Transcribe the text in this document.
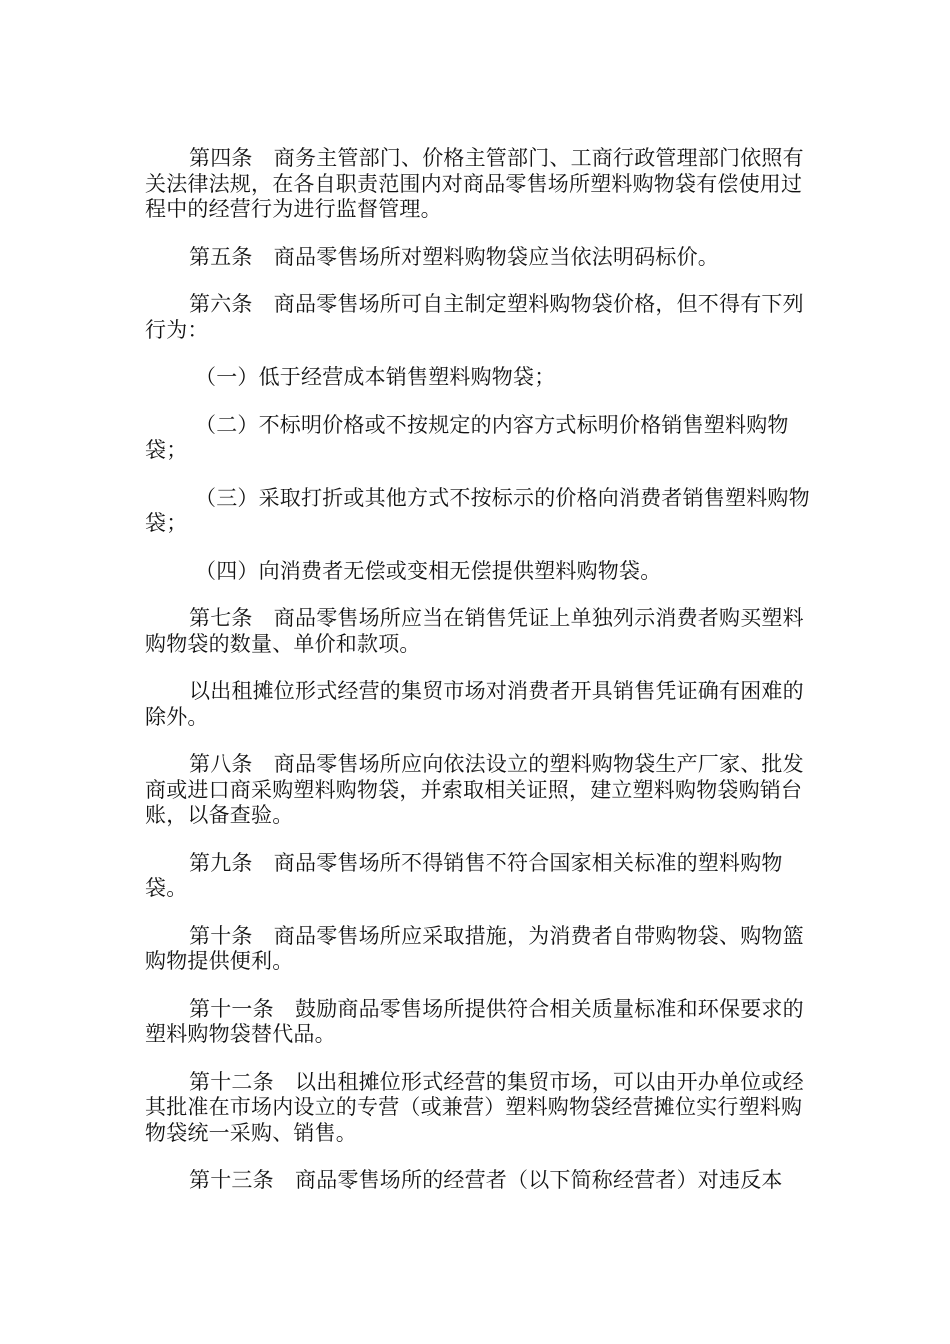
第四条　商务主管部门、价格主管部门、工商行政管理部门依照有关法律法规，在各自职责范围内对商品零售场所塑料购物袋有偿使用过程中的经营行为进行监督管理。

第五条　商品零售场所对塑料购物袋应当依法明码标价。

第六条　商品零售场所可自主制定塑料购物袋价格，但不得有下列行为：

（一）低于经营成本销售塑料购物袋；

（二）不标明价格或不按规定的内容方式标明价格销售塑料购物袋；

（三）采取打折或其他方式不按标示的价格向消费者销售塑料购物袋；

（四）向消费者无偿或变相无偿提供塑料购物袋。

第七条　商品零售场所应当在销售凭证上单独列示消费者购买塑料购物袋的数量、单价和款项。

以出租摊位形式经营的集贸市场对消费者开具销售凭证确有困难的除外。

第八条　商品零售场所应向依法设立的塑料购物袋生产厂家、批发商或进口商采购塑料购物袋，并索取相关证照，建立塑料购物袋购销台账，以备查验。

第九条　商品零售场所不得销售不符合国家相关标准的塑料购物袋。

第十条　商品零售场所应采取措施，为消费者自带购物袋、购物篮购物提供便利。

第十一条　鼓励商品零售场所提供符合相关质量标准和环保要求的塑料购物袋替代品。

第十二条　以出租摊位形式经营的集贸市场，可以由开办单位或经其批准在市场内设立的专营（或兼营）塑料购物袋经营摊位实行塑料购物袋统一采购、销售。

第十三条　商品零售场所的经营者（以下简称经营者）对违反本
